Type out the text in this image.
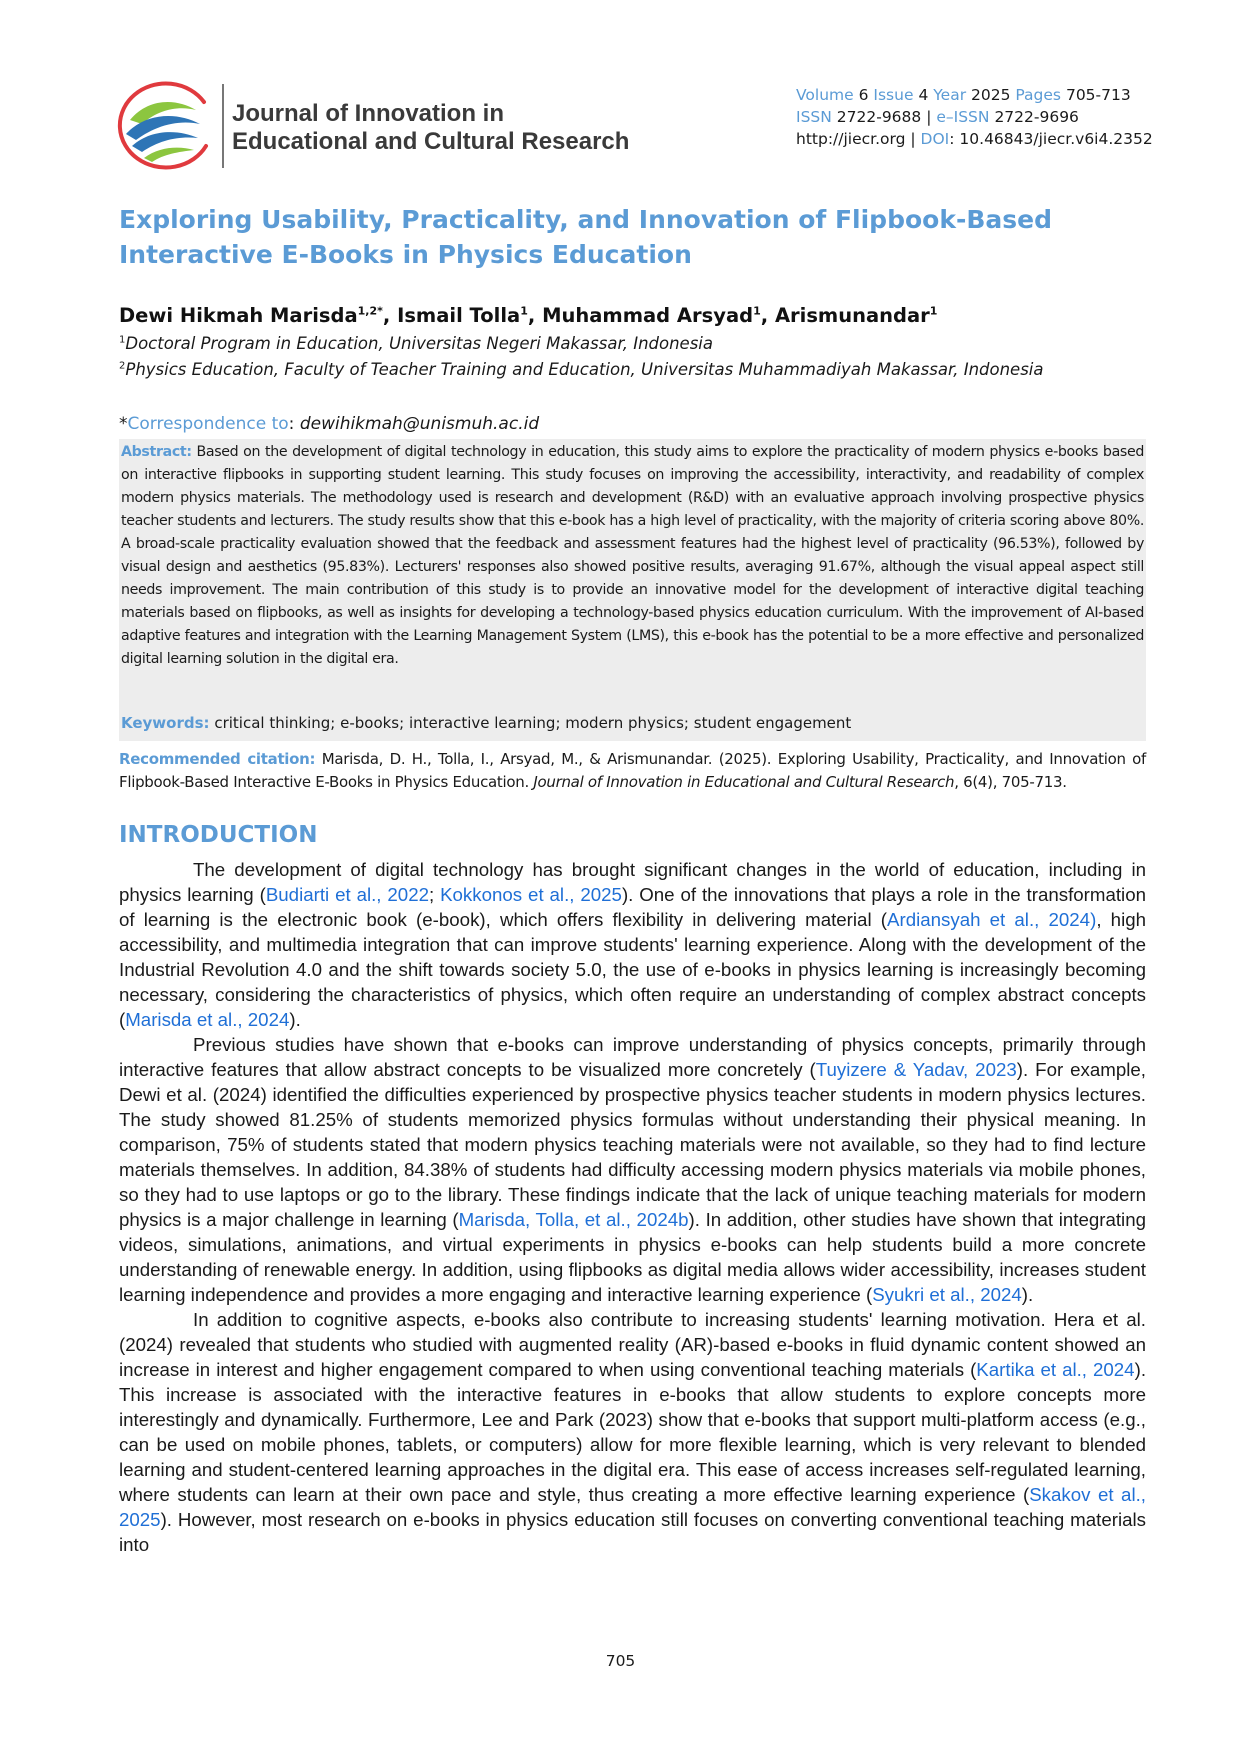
Journal of Innovation in
Educational and Cultural Research
Volume 6 Issue 4 Year 2025 Pages 705-713
ISSN 2722-9688 | e–ISSN 2722-9696
http://jiecr.org | DOI: 10.46843/jiecr.v6i4.2352
Exploring Usability, Practicality, and Innovation of Flipbook-Based Interactive E-Books in Physics Education
Dewi Hikmah Marisda$^{1,2*}$, Ismail Tolla$^1$, Muhammad Arsyad$^1$, Arismunandar$^1$
$^1$Doctoral Program in Education, Universitas Negeri Makassar, Indonesia
$^2$Physics Education, Faculty of Teacher Training and Education, Universitas Muhammadiyah Makassar, Indonesia
*Correspondence to: dewihikmah@unismuh.ac.id
Abstract: Based on the development of digital technology in education, this study aims to explore the practicality of modern physics e-books based on interactive flipbooks in supporting student learning. This study focuses on improving the accessibility, interactivity, and readability of complex modern physics materials. The methodology used is research and development (R&D) with an evaluative approach involving prospective physics teacher students and lecturers. The study results show that this e-book has a high level of practicality, with the majority of criteria scoring above 80%. A broad-scale practicality evaluation showed that the feedback and assessment features had the highest level of practicality (96.53%), followed by visual design and aesthetics (95.83%). Lecturers' responses also showed positive results, averaging 91.67%, although the visual appeal aspect still needs improvement. The main contribution of this study is to provide an innovative model for the development of interactive digital teaching materials based on flipbooks, as well as insights for developing a technology-based physics education curriculum. With the improvement of AI-based adaptive features and integration with the Learning Management System (LMS), this e-book has the potential to be a more effective and personalized digital learning solution in the digital era.
Keywords: critical thinking; e-books; interactive learning; modern physics; student engagement
Recommended citation: Marisda, D. H., Tolla, I., Arsyad, M., & Arismunandar. (2025). Exploring Usability, Practicality, and Innovation of Flipbook-Based Interactive E-Books in Physics Education. Journal of Innovation in Educational and Cultural Research, 6(4), 705-713.
INTRODUCTION

The development of digital technology has brought significant changes in the world of education, including in physics learning (Budiarti et al., 2022; Kokkonos et al., 2025). One of the innovations that plays a role in the transformation of learning is the electronic book (e-book), which offers flexibility in delivering material (Ardiansyah et al., 2024), high accessibility, and multimedia integration that can improve students' learning experience. Along with the development of the Industrial Revolution 4.0 and the shift towards society 5.0, the use of e-books in physics learning is increasingly becoming necessary, considering the characteristics of physics, which often require an understanding of complex abstract concepts (Marisda et al., 2024).

Previous studies have shown that e-books can improve understanding of physics concepts, primarily through interactive features that allow abstract concepts to be visualized more concretely (Tuyizere & Yadav, 2023). For example, Dewi et al. (2024) identified the difficulties experienced by prospective physics teacher students in modern physics lectures. The study showed 81.25% of students memorized physics formulas without understanding their physical meaning. In comparison, 75% of students stated that modern physics teaching materials were not available, so they had to find lecture materials themselves. In addition, 84.38% of students had difficulty accessing modern physics materials via mobile phones, so they had to use laptops or go to the library. These findings indicate that the lack of unique teaching materials for modern physics is a major challenge in learning (Marisda, Tolla, et al., 2024b). In addition, other studies have shown that integrating videos, simulations, animations, and virtual experiments in physics e-books can help students build a more concrete understanding of renewable energy. In addition, using flipbooks as digital media allows wider accessibility, increases student learning independence and provides a more engaging and interactive learning experience (Syukri et al., 2024).

In addition to cognitive aspects, e-books also contribute to increasing students' learning motivation. Hera et al. (2024) revealed that students who studied with augmented reality (AR)-based e-books in fluid dynamic content showed an increase in interest and higher engagement compared to when using conventional teaching materials (Kartika et al., 2024). This increase is associated with the interactive features in e-books that allow students to explore concepts more interestingly and dynamically. Furthermore, Lee and Park (2023) show that e-books that support multi-platform access (e.g., can be used on mobile phones, tablets, or computers) allow for more flexible learning, which is very relevant to blended learning and student-centered learning approaches in the digital era. This ease of access increases self-regulated learning, where students can learn at their own pace and style, thus creating a more effective learning experience (Skakov et al., 2025). However, most research on e-books in physics education still focuses on converting conventional teaching materials into

705
